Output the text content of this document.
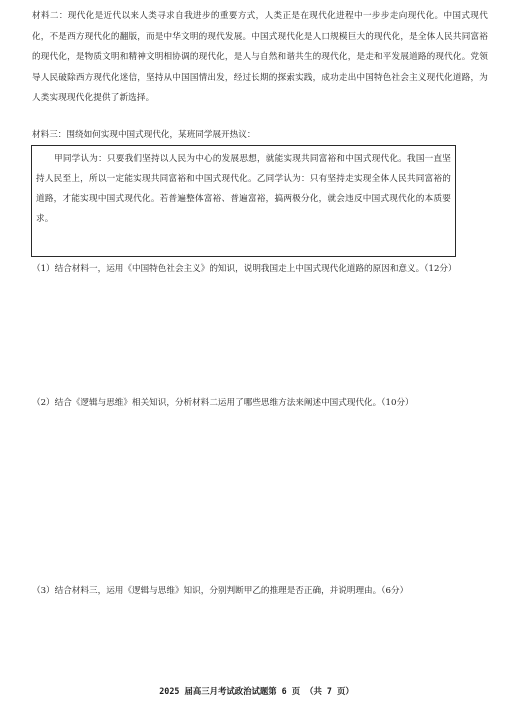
材料二：现代化是近代以来人类寻求自我进步的重要方式，人类正是在现代化进程中一步步走向现代化。中国式现代化，不是西方现代化的翻版，而是中华文明的现代发展。中国式现代化是人口规模巨大的现代化，是全体人民共同富裕的现代化，是物质文明和精神文明相协调的现代化，是人与自然和谐共生的现代化，是走和平发展道路的现代化。党领导人民破除西方现代化迷信，坚持从中国国情出发，经过长期的探索实践，成功走出中国特色社会主义现代化道路，为人类实现现代化提供了新选择。
材料三：围绕如何实现中国式现代化，某班同学展开热议：
甲同学认为：只要我们坚持以人民为中心的发展思想，就能实现共同富裕和中国式现代化。我国一直坚持人民至上，所以一定能实现共同富裕和中国式现代化。乙同学认为：只有坚持走实现全体人民共同富裕的道路，才能实现中国式现代化。若普遍整体富裕、普遍富裕，搞两极分化，就会违反中国式现代化的本质要求。
（1）结合材料一，运用《中国特色社会主义》的知识，说明我国走上中国式现代化道路的原因和意义。（12分）
（2）结合《逻辑与思维》相关知识，分析材料二运用了哪些思维方法来阐述中国式现代化。（10分）
（3）结合材料三，运用《逻辑与思维》知识，分别判断甲乙的推理是否正确，并说明理由。（6分）
2025 届高三月考试政治试题第 6 页 （共 7 页）
